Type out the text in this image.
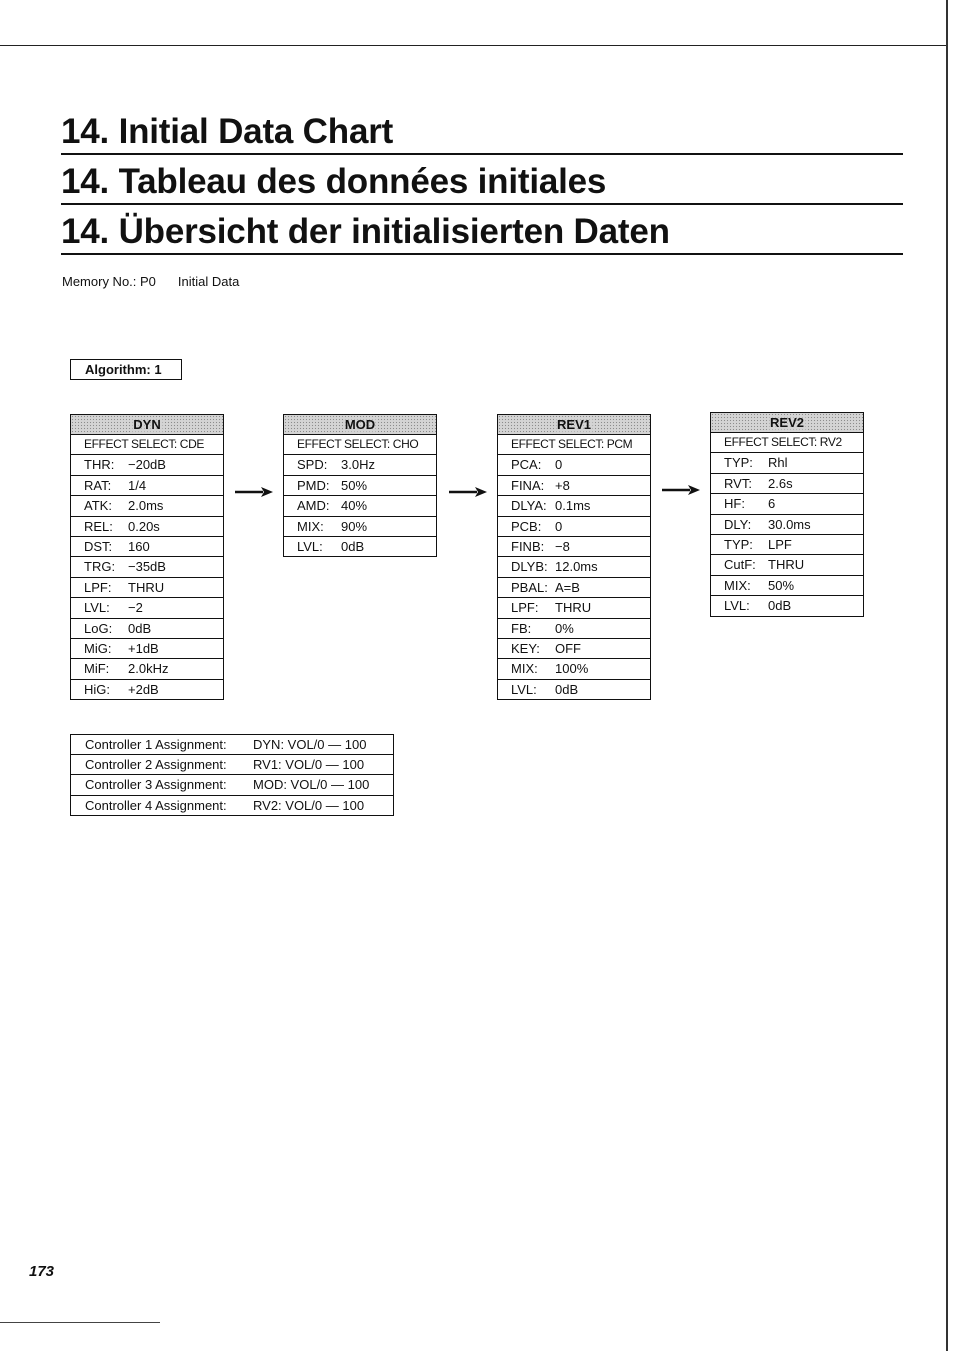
14. Initial Data Chart
14. Tableau des données initiales
14. Übersicht der initialisierten Daten
Memory No.: P0 Initial Data
Algorithm: 1
DYN
EFFECT SELECT: CDE
THR: −20dB
RAT: 1/4
ATK: 2.0ms
REL: 0.20s
DST: 160
TRG: −35dB
LPF: THRU
LVL: −2
LoG: 0dB
MiG: +1dB
MiF: 2.0kHz
HiG: +2dB
MOD
EFFECT SELECT: CHO
SPD: 3.0Hz
PMD: 50%
AMD: 40%
MIX: 90%
LVL: 0dB
REV1
EFFECT SELECT: PCM
PCA: 0
FINA: +8
DLYA: 0.1ms
PCB: 0
FINB: −8
DLYB: 12.0ms
PBAL: A=B
LPF: THRU
FB: 0%
KEY: OFF
MIX: 100%
LVL: 0dB
REV2
EFFECT SELECT: RV2
TYP: Rhl
RVT: 2.6s
HF: 6
DLY: 30.0ms
TYP: LPF
CutF: THRU
MIX: 50%
LVL: 0dB
Controller 1 Assignment: DYN: VOL/0 — 100
Controller 2 Assignment: RV1: VOL/0 — 100
Controller 3 Assignment: MOD: VOL/0 — 100
Controller 4 Assignment: RV2: VOL/0 — 100
173
